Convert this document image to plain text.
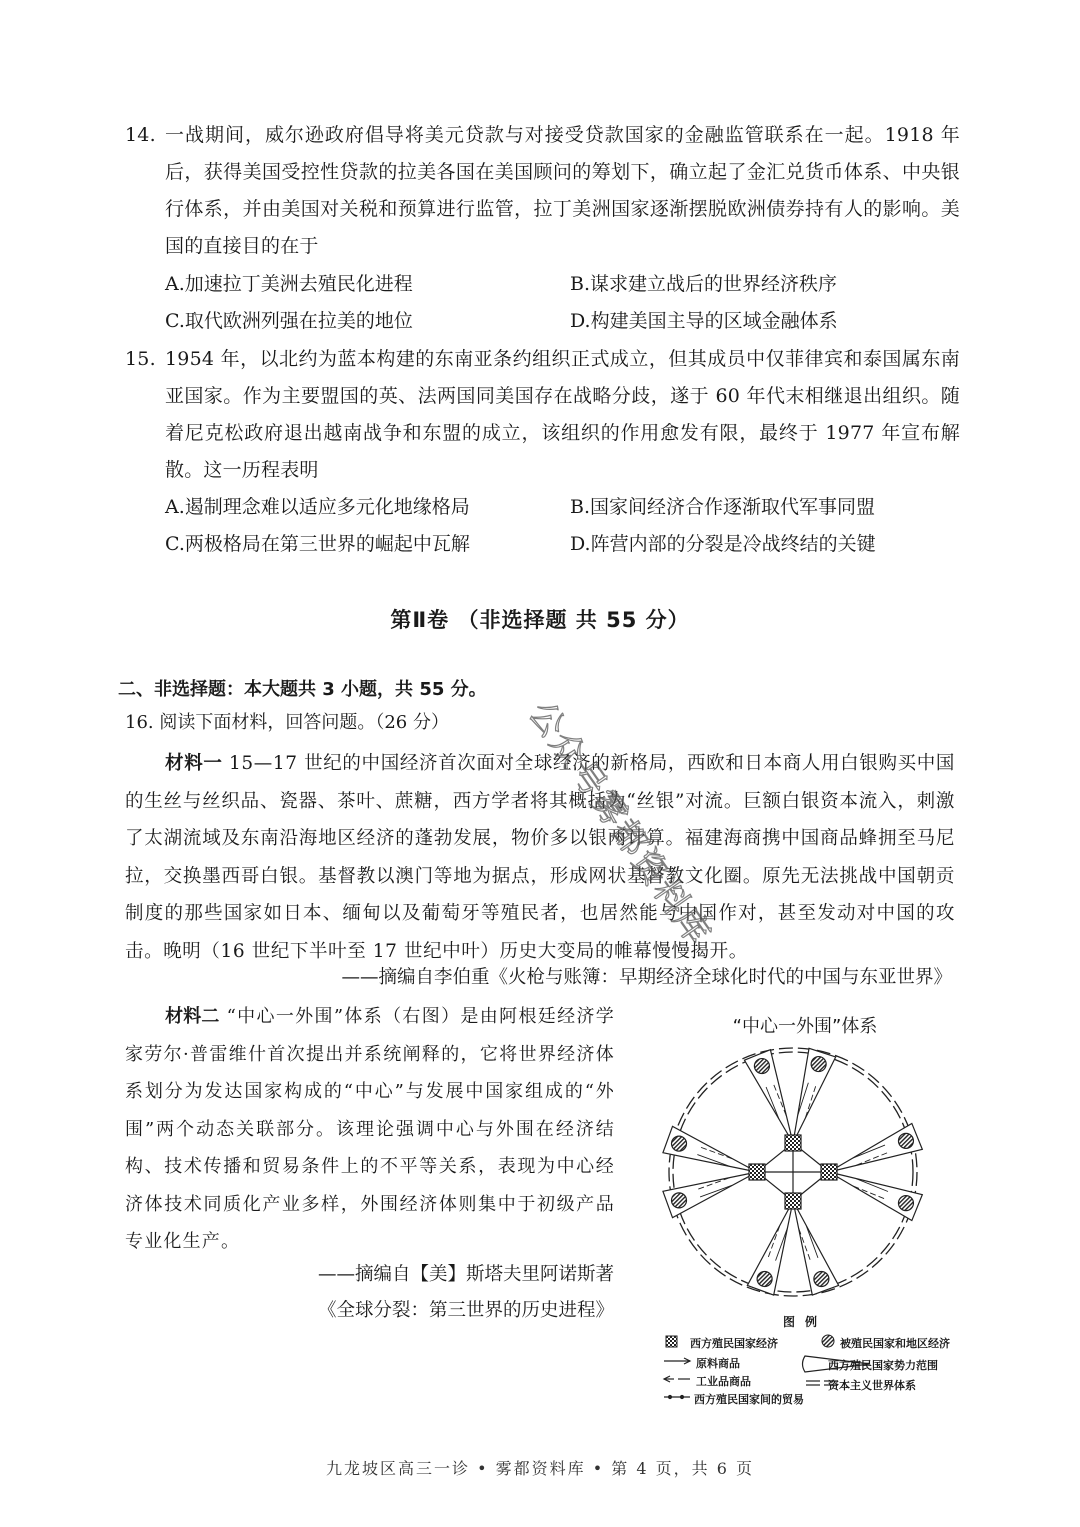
14. 一战期间，威尔逊政府倡导将美元贷款与对接受贷款国家的金融监管联系在一起。1918 年后，获得美国受控性贷款的拉美各国在美国顾问的筹划下，确立起了金汇兑货币体系、中央银行体系，并由美国对关税和预算进行监管，拉丁美洲国家逐渐摆脱欧洲债券持有人的影响。美国的直接目的在于
A.加速拉丁美洲去殖民化进程	B.谋求建立战后的世界经济秩序
C.取代欧洲列强在拉美的地位	D.构建美国主导的区域金融体系
15. 1954 年，以北约为蓝本构建的东南亚条约组织正式成立，但其成员中仅菲律宾和泰国属东南亚国家。作为主要盟国的英、法两国同美国存在战略分歧，遂于 60 年代末相继退出组织。随着尼克松政府退出越南战争和东盟的成立，该组织的作用愈发有限，最终于 1977 年宣布解散。这一历程表明
A.遏制理念难以适应多元化地缘格局	B.国家间经济合作逐渐取代军事同盟
C.两极格局在第三世界的崛起中瓦解	D.阵营内部的分裂是冷战终结的关键
第Ⅱ卷 （非选择题 共 55 分）
二、非选择题：本大题共 3 小题，共 55 分。
16. 阅读下面材料，回答问题。（26 分）
材料一 15—17 世纪的中国经济首次面对全球经济的新格局，西欧和日本商人用白银购买中国的生丝与丝织品、瓷器、茶叶、蔗糖，西方学者将其概括为“丝银”对流。巨额白银资本流入，刺激了太湖流域及东南沿海地区经济的蓬勃发展，物价多以银两计算。福建海商携中国商品蜂拥至马尼拉，交换墨西哥白银。基督教以澳门等地为据点，形成网状基督教文化圈。原先无法挑战中国朝贡制度的那些国家如日本、缅甸以及葡萄牙等殖民者，也居然能与中国作对，甚至发动对中国的攻击。晚明（16 世纪下半叶至 17 世纪中叶）历史大变局的帷幕慢慢揭开。
——摘编自李伯重《火枪与账簿：早期经济全球化时代的中国与东亚世界》
材料二 “中心一外围”体系（右图）是由阿根廷经济学家劳尔·普雷维什首次提出并系统阐释的，它将世界经济体系划分为发达国家构成的“中心”与发展中国家组成的“外围”两个动态关联部分。该理论强调中心与外围在经济结构、技术传播和贸易条件上的不平等关系，表现为中心经济体技术同质化产业多样，外围经济体则集中于初级产品专业化生产。
——摘编自【美】斯塔夫里阿诺斯著
《全球分裂：第三世界的历史进程》
“中心一外围”体系
图例
西方殖民国家经济	被殖民国家和地区经济
原料商品	西方殖民国家势力范围
工业品商品	资本主义世界体系
西方殖民国家间的贸易
公众号雾都资料库
九龙坡区高三一诊 • 雾都资料库 • 第 4 页，共 6 页
